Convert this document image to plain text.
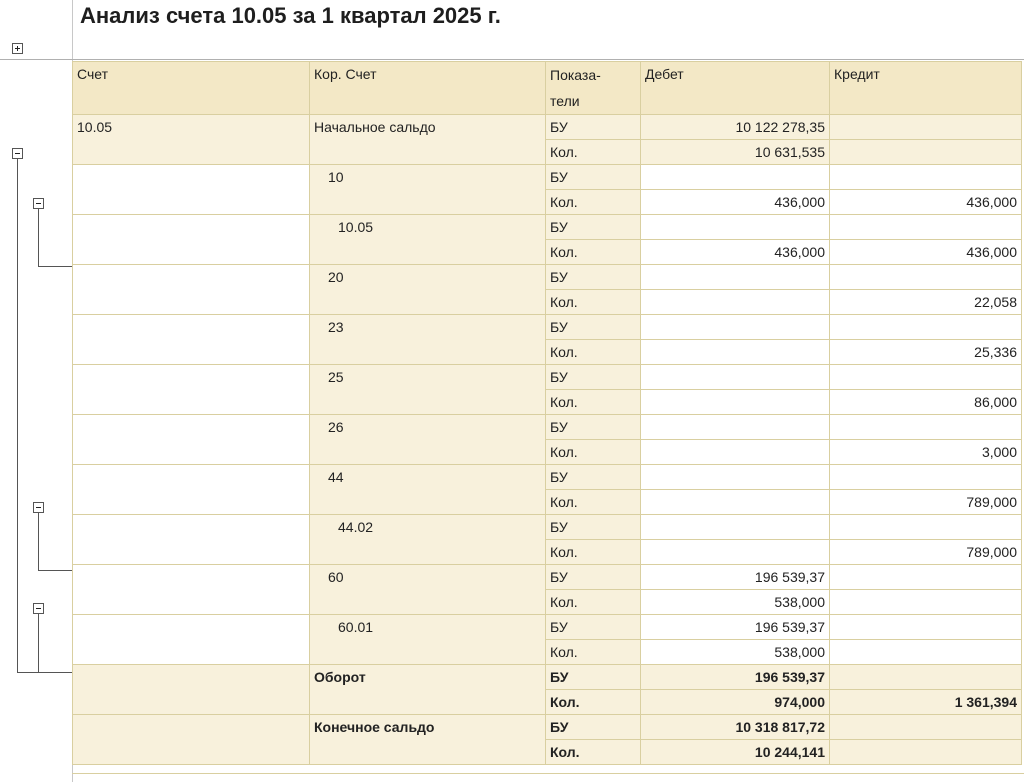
Анализ счета 10.05 за 1 квартал 2025 г.
Счет	Кор. Счет	Показа-
тели	Дебет	Кредит
10.05	Начальное сальдо	БУ	10 122 278,35	
		Кол.	10 631,535	
	10	БУ		
		Кол.	436,000	436,000
	10.05	БУ		
		Кол.	436,000	436,000
	20	БУ		
		Кол.		22,058
	23	БУ		
		Кол.		25,336
	25	БУ		
		Кол.		86,000
	26	БУ		
		Кол.		3,000
	44	БУ		
		Кол.		789,000
	44.02	БУ		
		Кол.		789,000
	60	БУ	196 539,37	
		Кол.	538,000	
	60.01	БУ	196 539,37	
		Кол.	538,000	
	Оборот	БУ	196 539,37	
		Кол.	974,000	1 361,394
	Конечное сальдо	БУ	10 318 817,72	
		Кол.	10 244,141	
